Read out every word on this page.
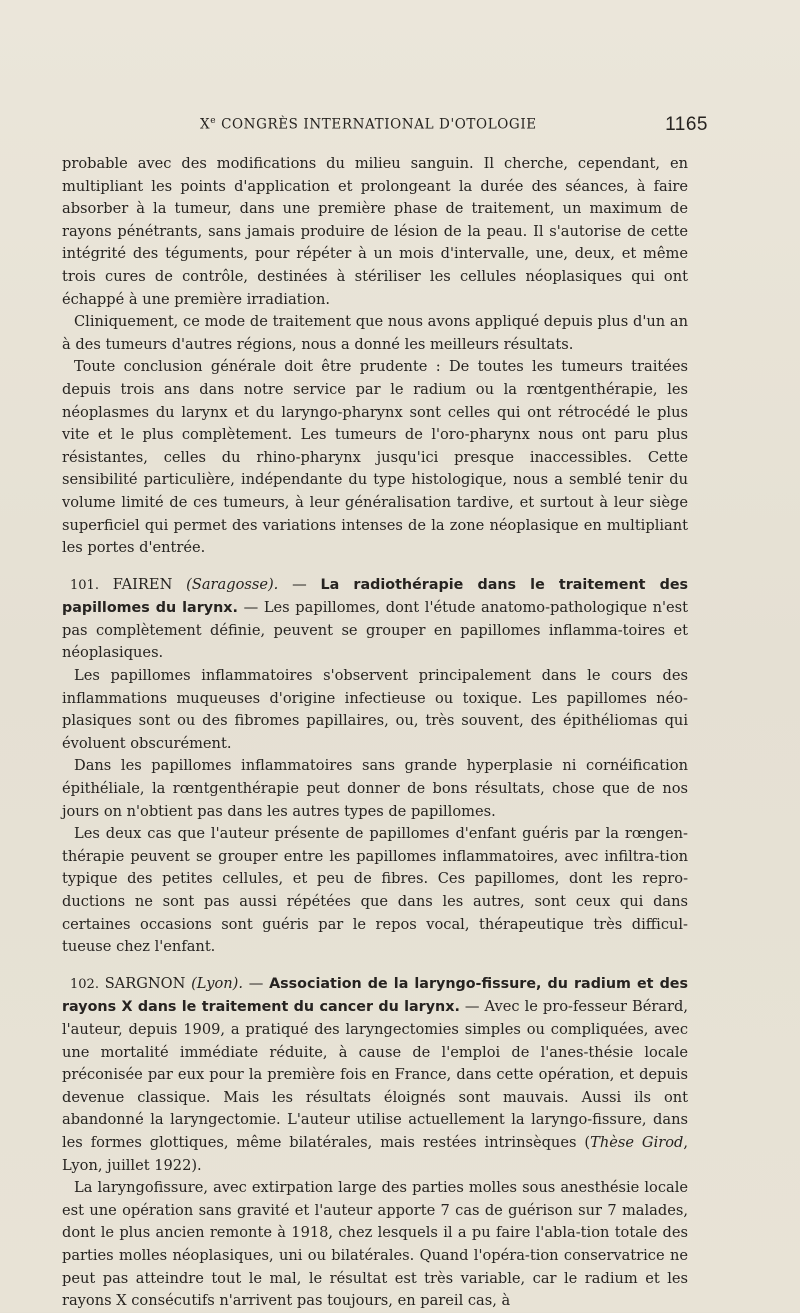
Xe CONGRÈS INTERNATIONAL D'OTOLOGIE	1165

probable avec des modifications du milieu sanguin. Il cherche, cependant, en multipliant les points d'application et prolongeant la durée des séances, à faire absorber à la tumeur, dans une première phase de traitement, un maximum de rayons pénétrants, sans jamais produire de lésion de la peau. Il s'autorise de cette intégrité des téguments, pour répéter à un mois d'intervalle, une, deux, et même trois cures de contrôle, destinées à stériliser les cellules néoplasiques qui ont échappé à une première irradiation.

Cliniquement, ce mode de traitement que nous avons appliqué depuis plus d'un an à des tumeurs d'autres régions, nous a donné les meilleurs résultats.

Toute conclusion générale doit être prudente : De toutes les tumeurs traitées depuis trois ans dans notre service par le radium ou la rœntgenthérapie, les néoplasmes du larynx et du laryngo-pharynx sont celles qui ont rétrocédé le plus vite et le plus complètement. Les tumeurs de l'oro-pharynx nous ont paru plus résistantes, celles du rhino-pharynx jusqu'ici presque inaccessibles. Cette sensibilité particulière, indépendante du type histologique, nous a semblé tenir du volume limité de ces tumeurs, à leur généralisation tardive, et surtout à leur siège superficiel qui permet des variations intenses de la zone néoplasique en multipliant les portes d'entrée.

101. FAIREN (Saragosse). — La radiothérapie dans le traitement des papillomes du larynx. — Les papillomes, dont l'étude anatomo-pathologique n'est pas complètement définie, peuvent se grouper en papillomes inflamma-toires et néoplasiques.

Les papillomes inflammatoires s'observent principalement dans le cours des inflammations muqueuses d'origine infectieuse ou toxique. Les papillomes néo-plasiques sont ou des fibromes papillaires, ou, très souvent, des épithéliomas qui évoluent obscurément.

Dans les papillomes inflammatoires sans grande hyperplasie ni cornéification épithéliale, la rœntgenthérapie peut donner de bons résultats, chose que de nos jours on n'obtient pas dans les autres types de papillomes.

Les deux cas que l'auteur présente de papillomes d'enfant guéris par la rœngen-thérapie peuvent se grouper entre les papillomes inflammatoires, avec infiltra-tion typique des petites cellules, et peu de fibres. Ces papillomes, dont les repro-ductions ne sont pas aussi répétées que dans les autres, sont ceux qui dans certaines occasions sont guéris par le repos vocal, thérapeutique très difficul-tueuse chez l'enfant.

102. SARGNON (Lyon). — Association de la laryngo-fissure, du radium et des rayons X dans le traitement du cancer du larynx. — Avec le pro-fesseur Bérard, l'auteur, depuis 1909, a pratiqué des laryngectomies simples ou compliquées, avec une mortalité immédiate réduite, à cause de l'emploi de l'anes-thésie locale préconisée par eux pour la première fois en France, dans cette opération, et depuis devenue classique. Mais les résultats éloignés sont mauvais. Aussi ils ont abandonné la laryngectomie. L'auteur utilise actuellement la laryngo-fissure, dans les formes glottiques, même bilatérales, mais restées intrinsèques (Thèse Girod, Lyon, juillet 1922).

La laryngofissure, avec extirpation large des parties molles sous anesthésie locale est une opération sans gravité et l'auteur apporte 7 cas de guérison sur 7 malades, dont le plus ancien remonte à 1918, chez lesquels il a pu faire l'abla-tion totale des parties molles néoplasiques, uni ou bilatérales. Quand l'opéra-tion conservatrice ne peut pas atteindre tout le mal, le résultat est très variable, car le radium et les rayons X consécutifs n'arrivent pas toujours, en pareil cas, à
